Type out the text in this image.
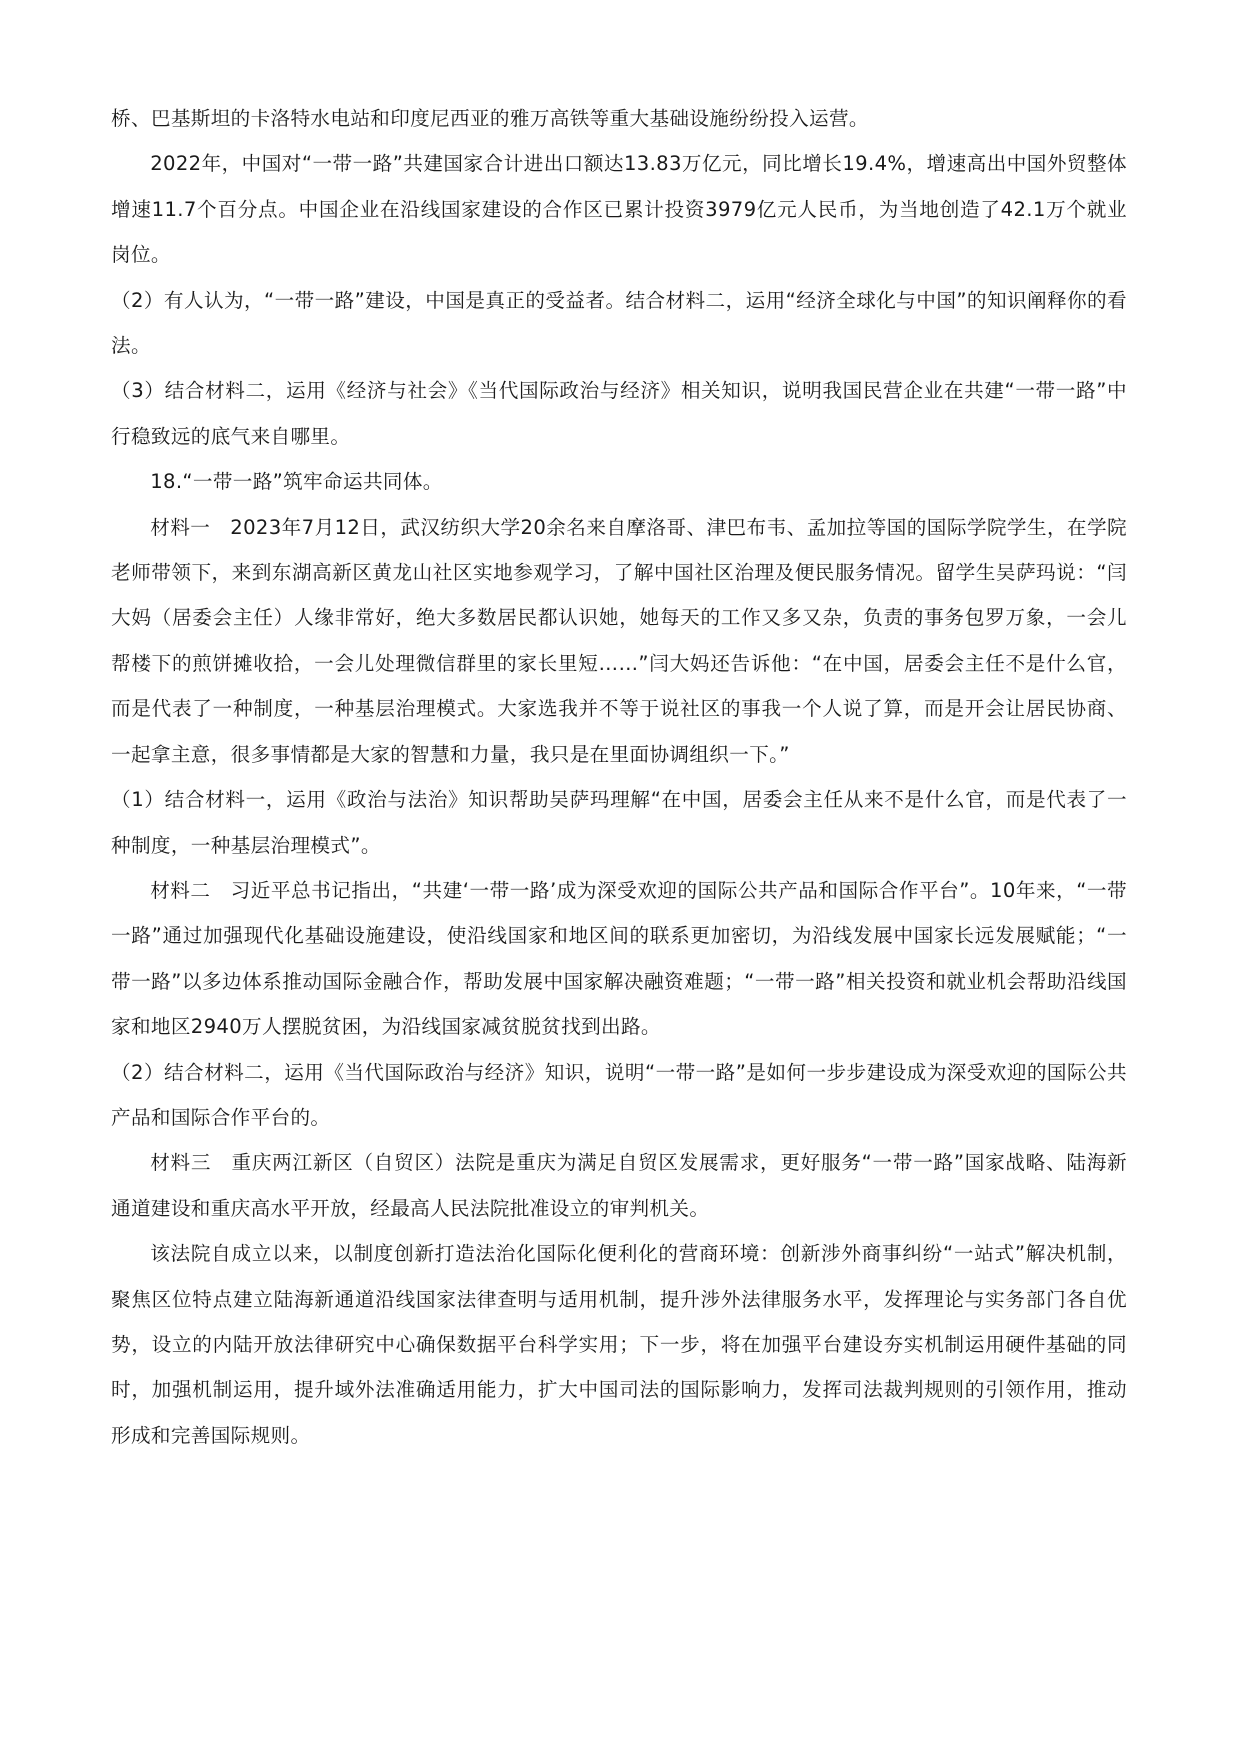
桥、巴基斯坦的卡洛特水电站和印度尼西亚的雅万高铁等重大基础设施纷纷投入运营。

2022年，中国对“一带一路”共建国家合计进出口额达13.83万亿元，同比增长19.4%，增速高出中国外贸整体增速11.7个百分点。中国企业在沿线国家建设的合作区已累计投资3979亿元人民币，为当地创造了42.1万个就业岗位。

（2）有人认为，“一带一路”建设，中国是真正的受益者。结合材料二，运用“经济全球化与中国”的知识阐释你的看法。

（3）结合材料二，运用《经济与社会》《当代国际政治与经济》相关知识，说明我国民营企业在共建“一带一路”中行稳致远的底气来自哪里。

18.“一带一路”筑牢命运共同体。

材料一　2023年7月12日，武汉纺织大学20余名来自摩洛哥、津巴布韦、孟加拉等国的国际学院学生，在学院老师带领下，来到东湖高新区黄龙山社区实地参观学习，了解中国社区治理及便民服务情况。留学生吴萨玛说：“闫大妈（居委会主任）人缘非常好，绝大多数居民都认识她，她每天的工作又多又杂，负责的事务包罗万象，一会儿帮楼下的煎饼摊收拾，一会儿处理微信群里的家长里短……”闫大妈还告诉他：“在中国，居委会主任不是什么官，而是代表了一种制度，一种基层治理模式。大家选我并不等于说社区的事我一个人说了算，而是开会让居民协商、一起拿主意，很多事情都是大家的智慧和力量，我只是在里面协调组织一下。”

（1）结合材料一，运用《政治与法治》知识帮助吴萨玛理解“在中国，居委会主任从来不是什么官，而是代表了一种制度，一种基层治理模式”。

材料二　习近平总书记指出，“共建‘一带一路’成为深受欢迎的国际公共产品和国际合作平台”。10年来，“一带一路”通过加强现代化基础设施建设，使沿线国家和地区间的联系更加密切，为沿线发展中国家长远发展赋能；“一带一路”以多边体系推动国际金融合作，帮助发展中国家解决融资难题；“一带一路”相关投资和就业机会帮助沿线国家和地区2940万人摆脱贫困，为沿线国家减贫脱贫找到出路。

（2）结合材料二，运用《当代国际政治与经济》知识，说明“一带一路”是如何一步步建设成为深受欢迎的国际公共产品和国际合作平台的。

材料三　重庆两江新区（自贸区）法院是重庆为满足自贸区发展需求，更好服务“一带一路”国家战略、陆海新通道建设和重庆高水平开放，经最高人民法院批准设立的审判机关。

该法院自成立以来，以制度创新打造法治化国际化便利化的营商环境：创新涉外商事纠纷“一站式”解决机制，聚焦区位特点建立陆海新通道沿线国家法律查明与适用机制，提升涉外法律服务水平，发挥理论与实务部门各自优势，设立的内陆开放法律研究中心确保数据平台科学实用；下一步，将在加强平台建设夯实机制运用硬件基础的同时，加强机制运用，提升域外法准确适用能力，扩大中国司法的国际影响力，发挥司法裁判规则的引领作用，推动形成和完善国际规则。
